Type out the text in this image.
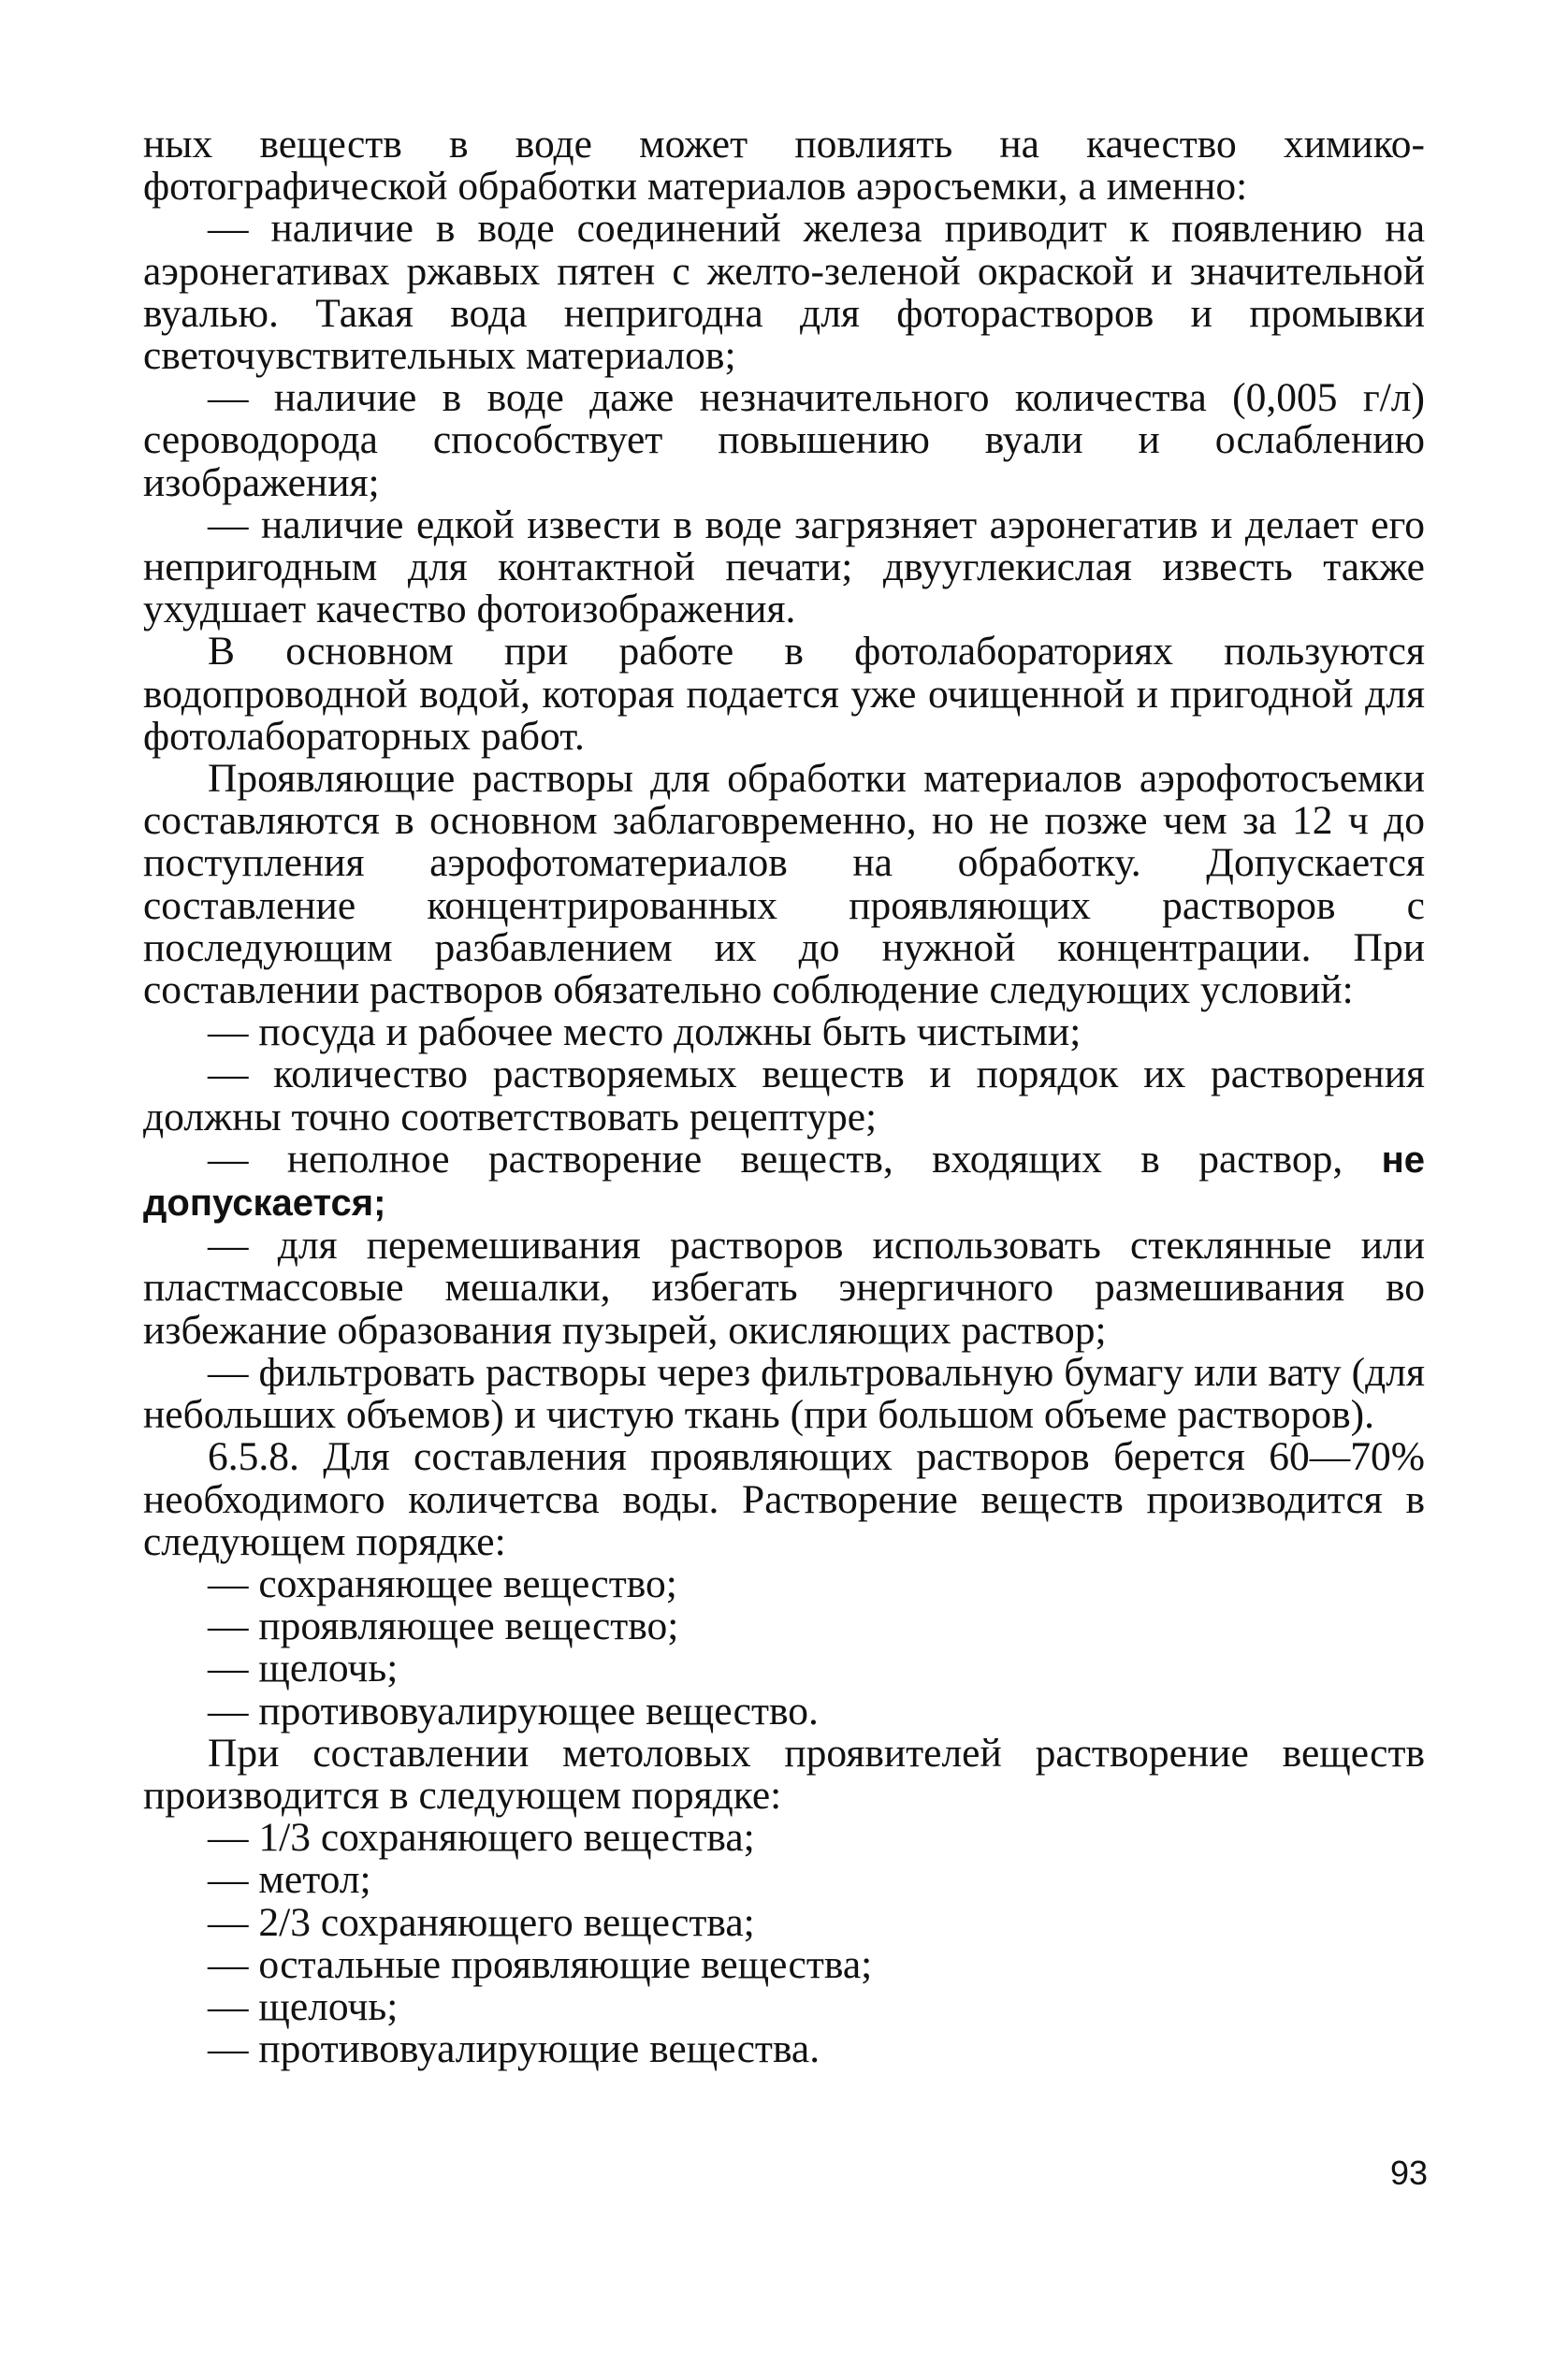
ных веществ в воде может повлиять на качество химико-фотографической обработки материалов аэросъемки, а именно:

— наличие в воде соединений железа приводит к появлению на аэронегативах ржавых пятен с желто-зеленой окраской и значительной вуалью. Такая вода непригодна для фоторастворов и промывки светочувствительных материалов;
— наличие в воде даже незначительного количества (0,005 г/л) сероводорода способствует повышению вуали и ослаблению изображения;
— наличие едкой извести в воде загрязняет аэронегатив и делает его непригодным для контактной печати; двууглекислая известь также ухудшает качество фотоизображения.

В основном при работе в фотолабораториях пользуются водопроводной водой, которая подается уже очищенной и пригодной для фотолабораторных работ.

Проявляющие растворы для обработки материалов аэрофотосъемки составляются в основном заблаговременно, но не позже чем за 12 ч до поступления аэрофотоматериалов на обработку. Допускается составление концентрированных проявляющих растворов с последующим разбавлением их до нужной концентрации. При составлении растворов обязательно соблюдение следующих условий:

— посуда и рабочее место должны быть чистыми;
— количество растворяемых веществ и порядок их растворения должны точно соответствовать рецептуре;
— неполное растворение веществ, входящих в раствор, не допускается;
— для перемешивания растворов использовать стеклянные или пластмассовые мешалки, избегать энергичного размешивания во избежание образования пузырей, окисляющих раствор;
— фильтровать растворы через фильтровальную бумагу или вату (для небольших объемов) и чистую ткань (при большом объеме растворов).

6.5.8. Для составления проявляющих растворов берется 60—70% необходимого количетсва воды. Растворение веществ производится в следующем порядке:

— сохраняющее вещество;
— проявляющее вещество;
— щелочь;
— противовуалирующее вещество.

При составлении метоловых проявителей растворение веществ производится в следующем порядке:

— 1/3 сохраняющего вещества;
— метол;
— 2/3 сохраняющего вещества;
— остальные проявляющие вещества;
— щелочь;
— противовуалирующие вещества.
93
